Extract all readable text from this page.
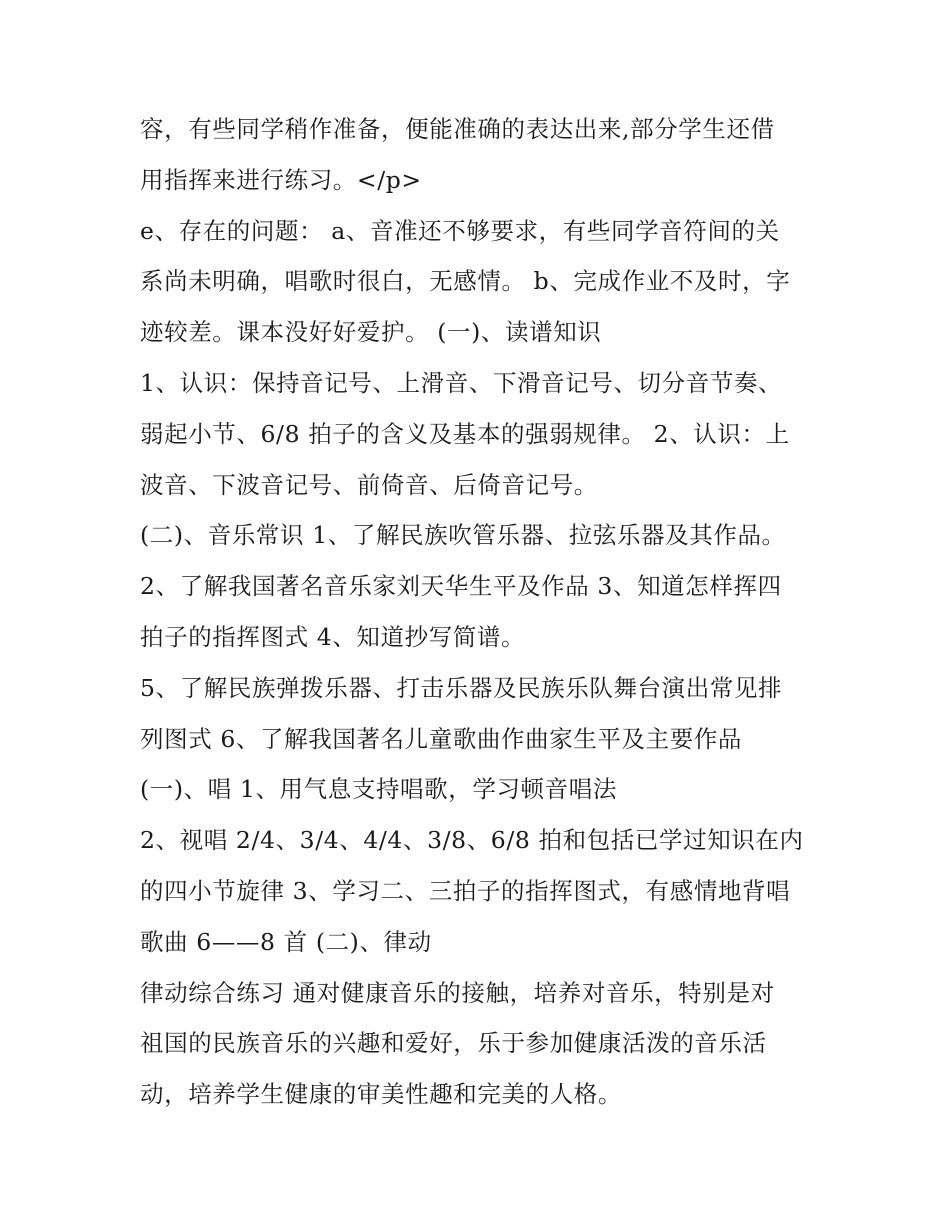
容，有些同学稍作准备，便能准确的表达出来,部分学生还借
用指挥来进行练习。</p>
e、存在的问题： a、音准还不够要求，有些同学音符间的关
系尚未明确，唱歌时很白，无感情。 b、完成作业不及时，字
迹较差。课本没好好爱护。 (一)、读谱知识
1、认识：保持音记号、上滑音、下滑音记号、切分音节奏、
弱起小节、6/8 拍子的含义及基本的强弱规律。 2、认识：上
波音、下波音记号、前倚音、后倚音记号。
(二)、音乐常识 1、了解民族吹管乐器、拉弦乐器及其作品。
2、了解我国著名音乐家刘天华生平及作品 3、知道怎样挥四
拍子的指挥图式 4、知道抄写简谱。
5、了解民族弹拨乐器、打击乐器及民族乐队舞台演出常见排
列图式 6、了解我国著名儿童歌曲作曲家生平及主要作品
(一)、唱 1、用气息支持唱歌，学习顿音唱法
2、视唱 2/4、3/4、4/4、3/8、6/8 拍和包括已学过知识在内
的四小节旋律 3、学习二、三拍子的指挥图式，有感情地背唱
歌曲 6——8 首 (二)、律动
律动综合练习 通对健康音乐的接触，培养对音乐，特别是对
祖国的民族音乐的兴趣和爱好，乐于参加健康活泼的音乐活
动，培养学生健康的审美性趣和完美的人格。
